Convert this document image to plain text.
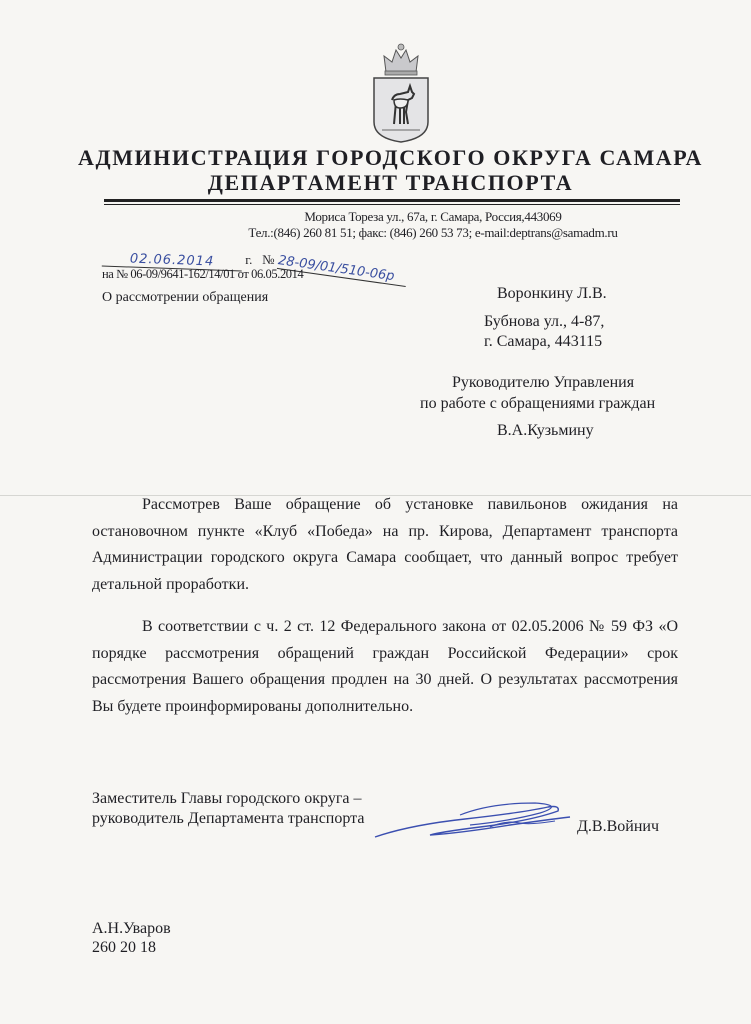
АДМИНИСТРАЦИЯ ГОРОДСКОГО ОКРУГА САМАРА
ДЕПАРТАМЕНТ ТРАНСПОРТА
Мориса Тореза ул., 67а, г. Самара, Россия,443069
Тел.:(846) 260 81 51; факс: (846) 260 53 73; e-mail:deptrans@samadm.ru
02.06.2014 г. № 28-09/01/510-06р
на № 06-09/9641-162/14/01 от 06.05.2014
О рассмотрении обращения	Воронкину Л.В.
Бубнова ул., 4-87,
г. Самара, 443115
Руководителю Управления
по работе с обращениями граждан
В.А.Кузьмину

Рассмотрев Ваше обращение об установке павильонов ожидания на остановочном пункте «Клуб «Победа» на пр. Кирова, Департамент транспорта Администрации городского округа Самара сообщает, что данный вопрос требует детальной проработки.

В соответствии с ч. 2 ст. 12 Федерального закона от 02.05.2006 № 59 ФЗ «О порядке рассмотрения обращений граждан Российской Федерации» срок рассмотрения Вашего обращения продлен на 30 дней. О результатах рассмотрения Вы будете проинформированы дополнительно.

Заместитель Главы городского округа –
руководитель Департамента транспорта	Д.В.Войнич
А.Н.Уваров
260 20 18
